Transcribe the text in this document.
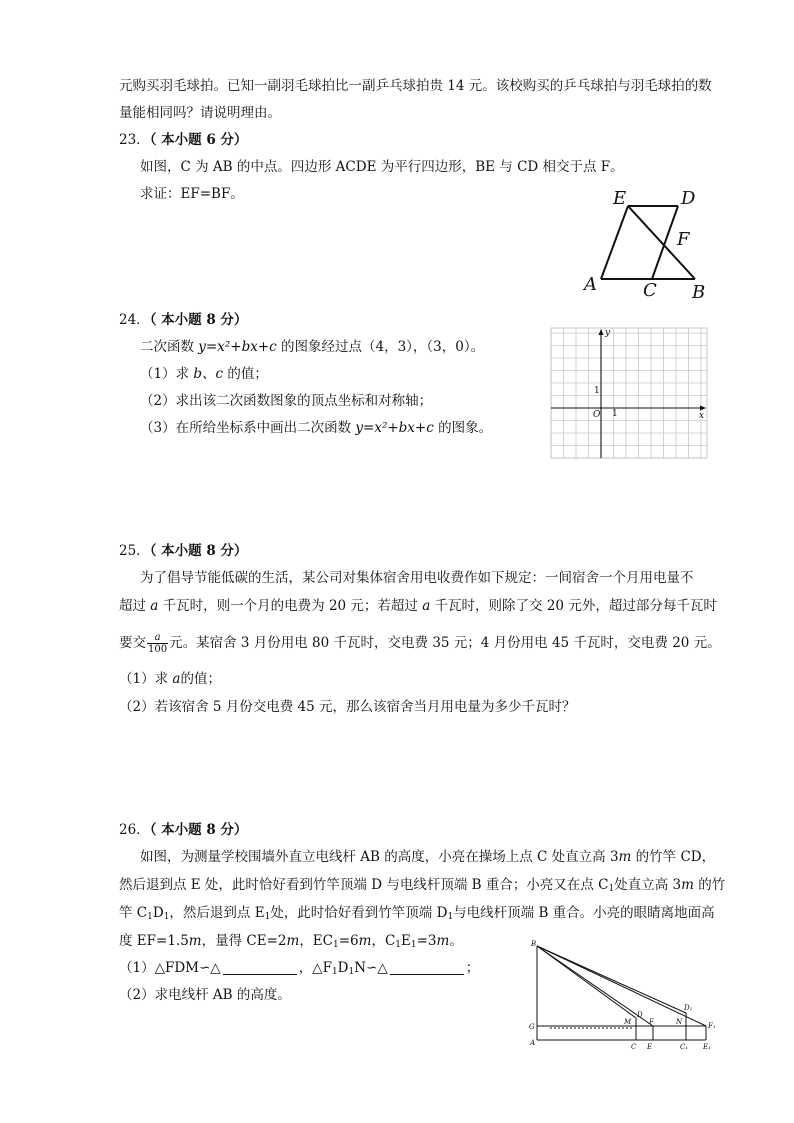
元购买羽毛球拍。已知一副羽毛球拍比一副乒乓球拍贵 14 元。该校购买的乒乓球拍与羽毛球拍的数
量能相同吗？请说明理由。
23．（ 本小题 6 分）
如图，C 为 AB 的中点。四边形 ACDE 为平行四边形，BE 与 CD 相交于点 F。
求证：EF=BF。	E	D
F
A	C B
24．（ 本小题 8 分）
二次函数 y=x²+bx+c 的图象经过点（4，3），（3，0）。
（1）求 b、c 的值；
（2）求出该二次函数图象的顶点坐标和对称轴；
（3）在所给坐标系中画出二次函数 y=x²+bx+c 的图象。
y
x
O 1
1
25．（ 本小题 8 分）
为了倡导节能低碳的生活，某公司对集体宿舍用电收费作如下规定：一间宿舍一个月用电量不
超过 a 千瓦时，则一个月的电费为 20 元；若超过 a 千瓦时，则除了交 20 元外，超过部分每千瓦时
要交 $\frac{a}{100}$ 元。某宿舍 3 月份用电 80 千瓦时，交电费 35 元；4 月份用电 45 千瓦时，交电费 20 元。
（1）求 a的值；
（2）若该宿舍 5 月份交电费 45 元，那么该宿舍当月用电量为多少千瓦时？
26．（ 本小题 8 分）
如图，为测量学校围墙外直立电线杆 AB 的高度，小亮在操场上点 C 处直立高 3m 的竹竿 CD，
然后退到点 E 处，此时恰好看到竹竿顶端 D 与电线杆顶端 B 重合；小亮又在点 $C_1$处直立高 3m 的竹
竿 $C_1D_1$，然后退到点 $E_1$处，此时恰好看到竹竿顶端 $D_1$与电线杆顶端 B 重合。小亮的眼睛离地面高
度 EF=1.5m，量得 CE=2m，$EC_1=6m$，$C_1E_1=3m$。
（1）△FDM∽△	，$\triangle F_1D_1N∽\triangle$	；
（2）求电线杆 AB 的高度。
B
G
A
M
D
F	N
D₁
F₁
C E	C₁ E₁
